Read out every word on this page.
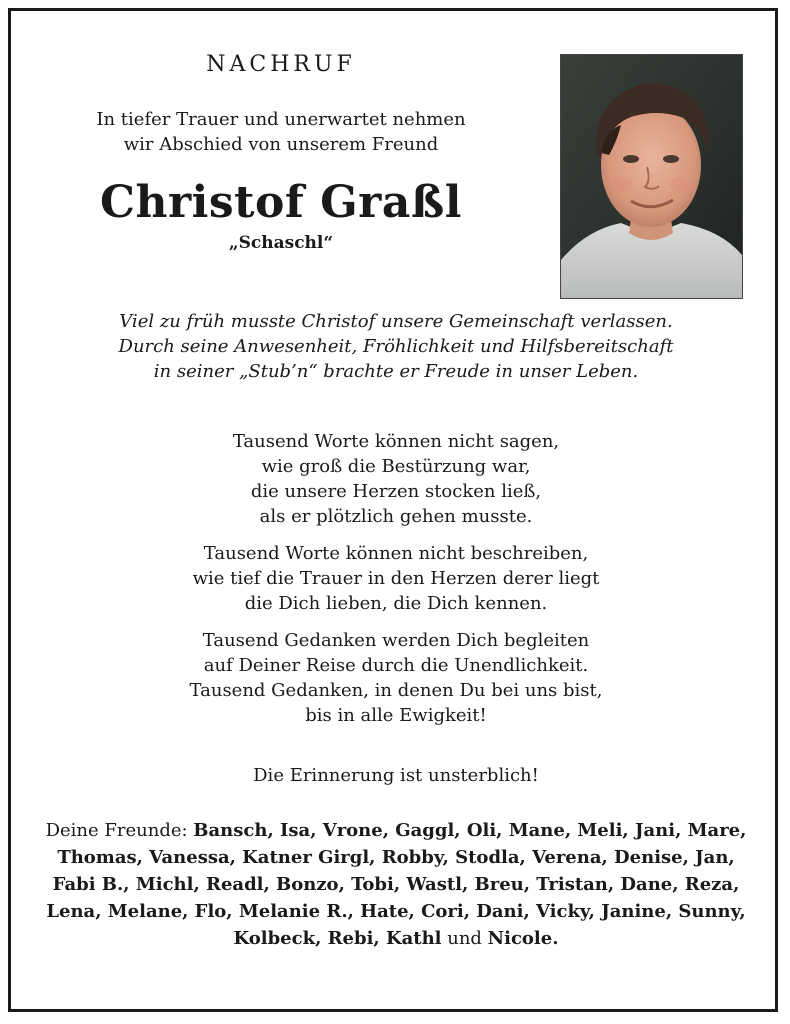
NACHRUF
In tiefer Trauer und unerwartet nehmen
wir Abschied von unserem Freund
Christof Graßl
„Schaschl“
Viel zu früh musste Christof unsere Gemeinschaft verlassen.
Durch seine Anwesenheit, Fröhlichkeit und Hilfsbereitschaft
in seiner „Stub’n“ brachte er Freude in unser Leben.
Tausend Worte können nicht sagen,
wie groß die Bestürzung war,
die unsere Herzen stocken ließ,
als er plötzlich gehen musste.
Tausend Worte können nicht beschreiben,
wie tief die Trauer in den Herzen derer liegt
die Dich lieben, die Dich kennen.
Tausend Gedanken werden Dich begleiten
auf Deiner Reise durch die Unendlichkeit.
Tausend Gedanken, in denen Du bei uns bist,
bis in alle Ewigkeit!
Die Erinnerung ist unsterblich!
Deine Freunde: Bansch, Isa, Vrone, Gaggl, Oli, Mane, Meli, Jani, Mare, Thomas, Vanessa, Katner Girgl, Robby, Stodla, Verena, Denise, Jan, Fabi B., Michl, Readl, Bonzo, Tobi, Wastl, Breu, Tristan, Dane, Reza, Lena, Melane, Flo, Melanie R., Hate, Cori, Dani, Vicky, Janine, Sunny, Kolbeck, Rebi, Kathl und Nicole.
